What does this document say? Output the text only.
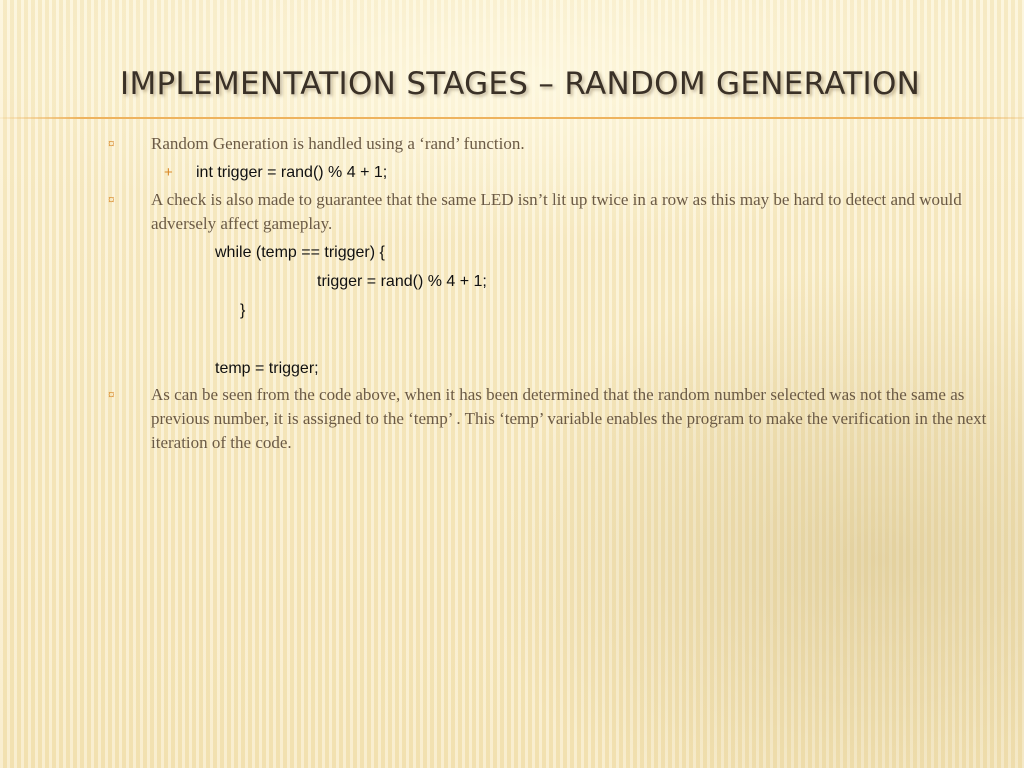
IMPLEMENTATION STAGES – RANDOM GENERATION
¤ Random Generation is handled using a ‘rand’ function.
+ int trigger = rand() % 4 + 1;
¤ A check is also made to guarantee that the same LED isn’t lit up twice in a row as this may be hard to detect and would adversely affect gameplay.
while (temp == trigger) {
trigger = rand() % 4 + 1;
}
temp = trigger;
¤ As can be seen from the code above, when it has been determined that the random number selected was not the same as previous number, it is assigned to the ‘temp’ . This ‘temp’ variable enables the program to make the verification in the next iteration of the code.
